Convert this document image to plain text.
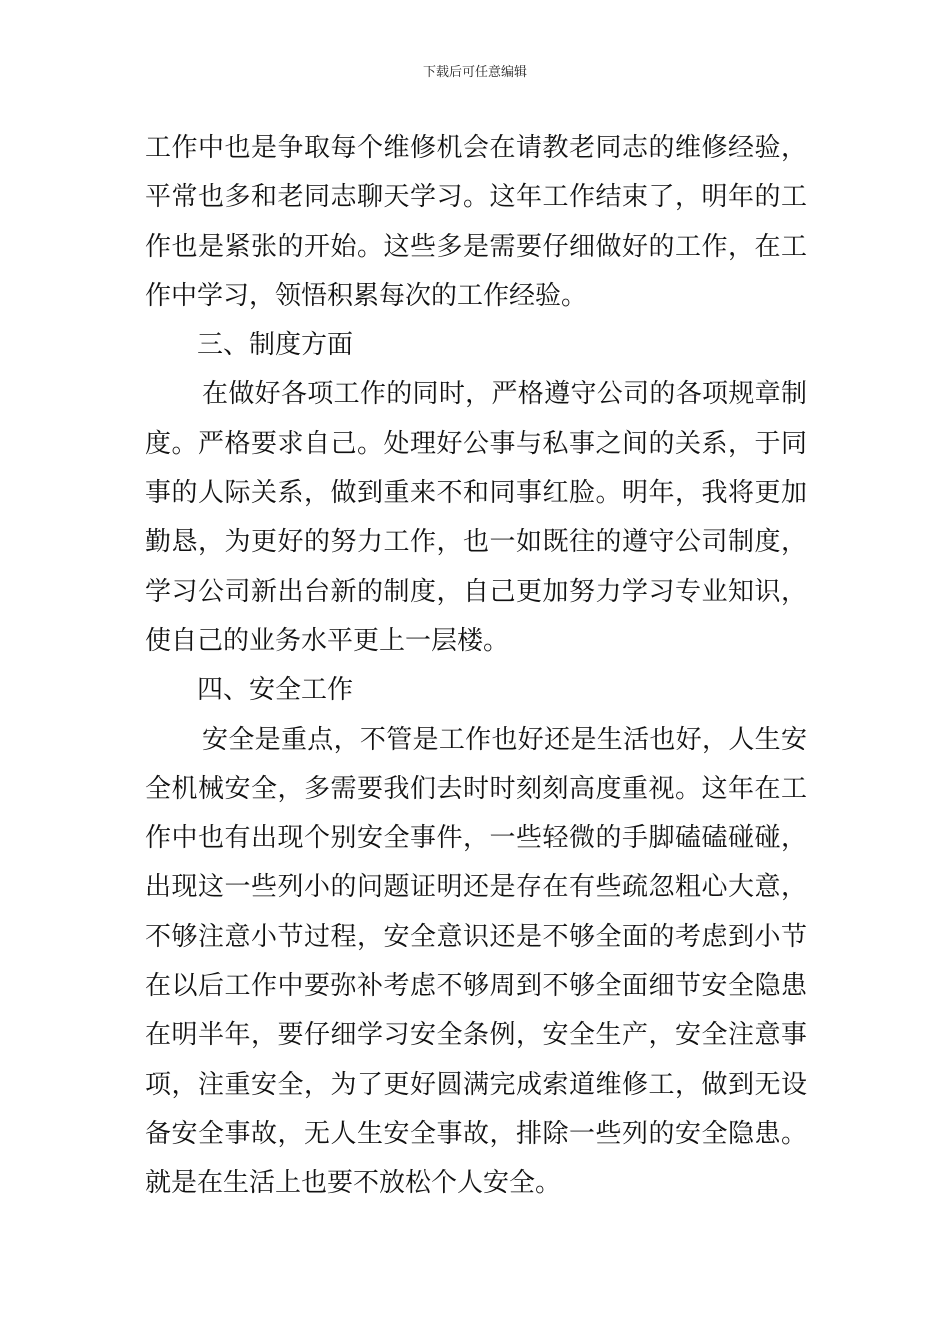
下载后可任意编辑
工作中也是争取每个维修机会在请教老同志的维修经验，
平常也多和老同志聊天学习。这年工作结束了，明年的工
作也是紧张的开始。这些多是需要仔细做好的工作，在工
作中学习，领悟积累每次的工作经验。
三、制度方面
在做好各项工作的同时，严格遵守公司的各项规章制
度。严格要求自己。处理好公事与私事之间的关系，于同
事的人际关系，做到重来不和同事红脸。明年，我将更加
勤恳，为更好的努力工作，也一如既往的遵守公司制度，
学习公司新出台新的制度，自己更加努力学习专业知识，
使自己的业务水平更上一层楼。
四、安全工作
安全是重点，不管是工作也好还是生活也好，人生安
全机械安全，多需要我们去时时刻刻高度重视。这年在工
作中也有出现个别安全事件，一些轻微的手脚磕磕碰碰，
出现这一些列小的问题证明还是存在有些疏忽粗心大意，
不够注意小节过程，安全意识还是不够全面的考虑到小节
在以后工作中要弥补考虑不够周到不够全面细节安全隐患
在明半年，要仔细学习安全条例，安全生产，安全注意事
项，注重安全，为了更好圆满完成索道维修工，做到无设
备安全事故，无人生安全事故，排除一些列的安全隐患。
就是在生活上也要不放松个人安全。
